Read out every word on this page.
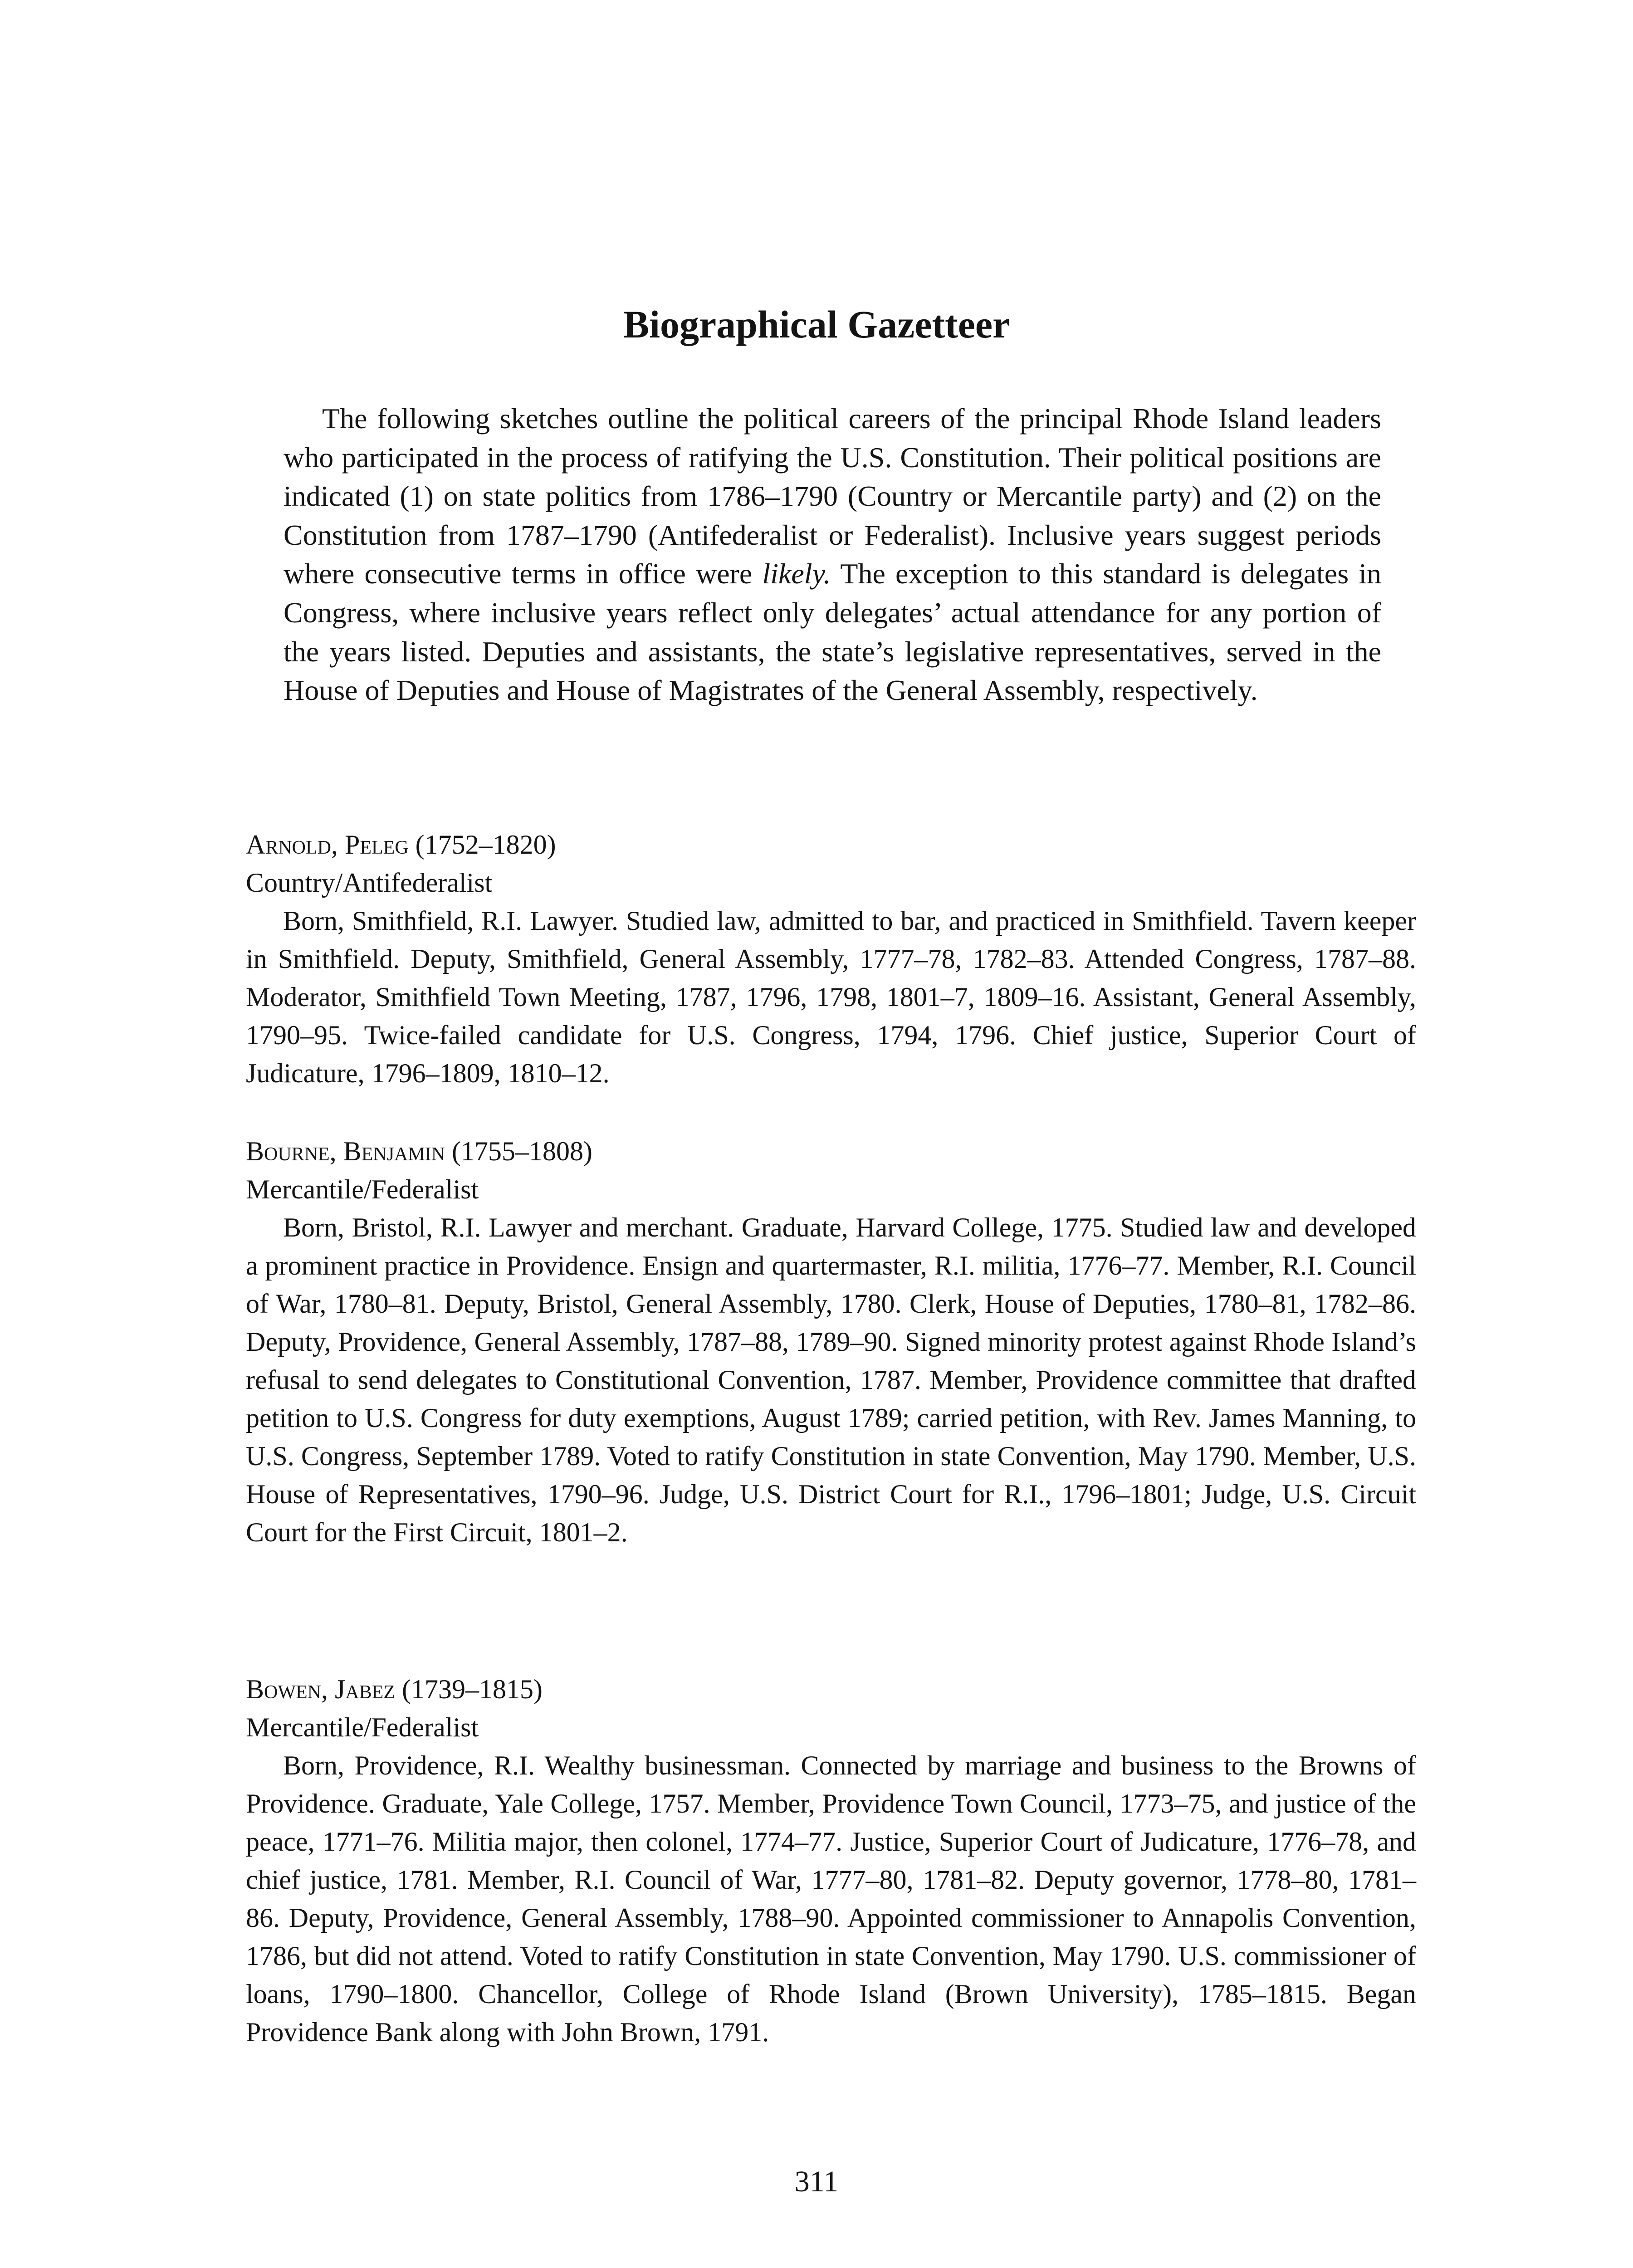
Biographical Gazetteer

The following sketches outline the political careers of the principal Rhode Island leaders who participated in the process of ratifying the U.S. Constitution. Their political positions are indicated (1) on state politics from 1786–1790 (Country or Mercantile party) and (2) on the Constitution from 1787–1790 (Antifederalist or Federalist). Inclusive years suggest periods where consecutive terms in office were likely. The exception to this standard is delegates in Congress, where inclusive years reflect only delegates’ actual attendance for any portion of the years listed. Deputies and assistants, the state’s legislative representatives, served in the House of Deputies and House of Magistrates of the General Assembly, respectively.

Arnold, Peleg (1752–1820)

Country/Antifederalist

Born, Smithfield, R.I. Lawyer. Studied law, admitted to bar, and practiced in Smithfield. Tavern keeper in Smithfield. Deputy, Smithfield, General Assembly, 1777–78, 1782–83. Attended Congress, 1787–88. Moderator, Smithfield Town Meeting, 1787, 1796, 1798, 1801–7, 1809–16. Assistant, General Assembly, 1790–95. Twice-failed candidate for U.S. Congress, 1794, 1796. Chief justice, Superior Court of Judicature, 1796–1809, 1810–12.

Bourne, Benjamin (1755–1808)

Mercantile/Federalist

Born, Bristol, R.I. Lawyer and merchant. Graduate, Harvard College, 1775. Studied law and developed a prominent practice in Providence. Ensign and quartermaster, R.I. militia, 1776–77. Member, R.I. Council of War, 1780–81. Deputy, Bristol, General Assembly, 1780. Clerk, House of Deputies, 1780–81, 1782–86. Deputy, Providence, General Assembly, 1787–88, 1789–90. Signed minority protest against Rhode Island’s refusal to send delegates to Constitutional Convention, 1787. Member, Providence committee that drafted petition to U.S. Congress for duty exemptions, August 1789; carried petition, with Rev. James Manning, to U.S. Congress, September 1789. Voted to ratify Constitution in state Convention, May 1790. Member, U.S. House of Representatives, 1790–96. Judge, U.S. District Court for R.I., 1796–1801; Judge, U.S. Circuit Court for the First Circuit, 1801–2.

Bowen, Jabez (1739–1815)

Mercantile/Federalist

Born, Providence, R.I. Wealthy businessman. Connected by marriage and business to the Browns of Providence. Graduate, Yale College, 1757. Member, Providence Town Council, 1773–75, and justice of the peace, 1771–76. Militia major, then colonel, 1774–77. Justice, Superior Court of Judicature, 1776–78, and chief justice, 1781. Member, R.I. Council of War, 1777–80, 1781–82. Deputy governor, 1778–80, 1781–86. Deputy, Providence, General Assembly, 1788–90. Appointed commissioner to Annapolis Convention, 1786, but did not attend. Voted to ratify Constitution in state Convention, May 1790. U.S. commissioner of loans, 1790–1800. Chancellor, College of Rhode Island (Brown University), 1785–1815. Began Providence Bank along with John Brown, 1791.

311
